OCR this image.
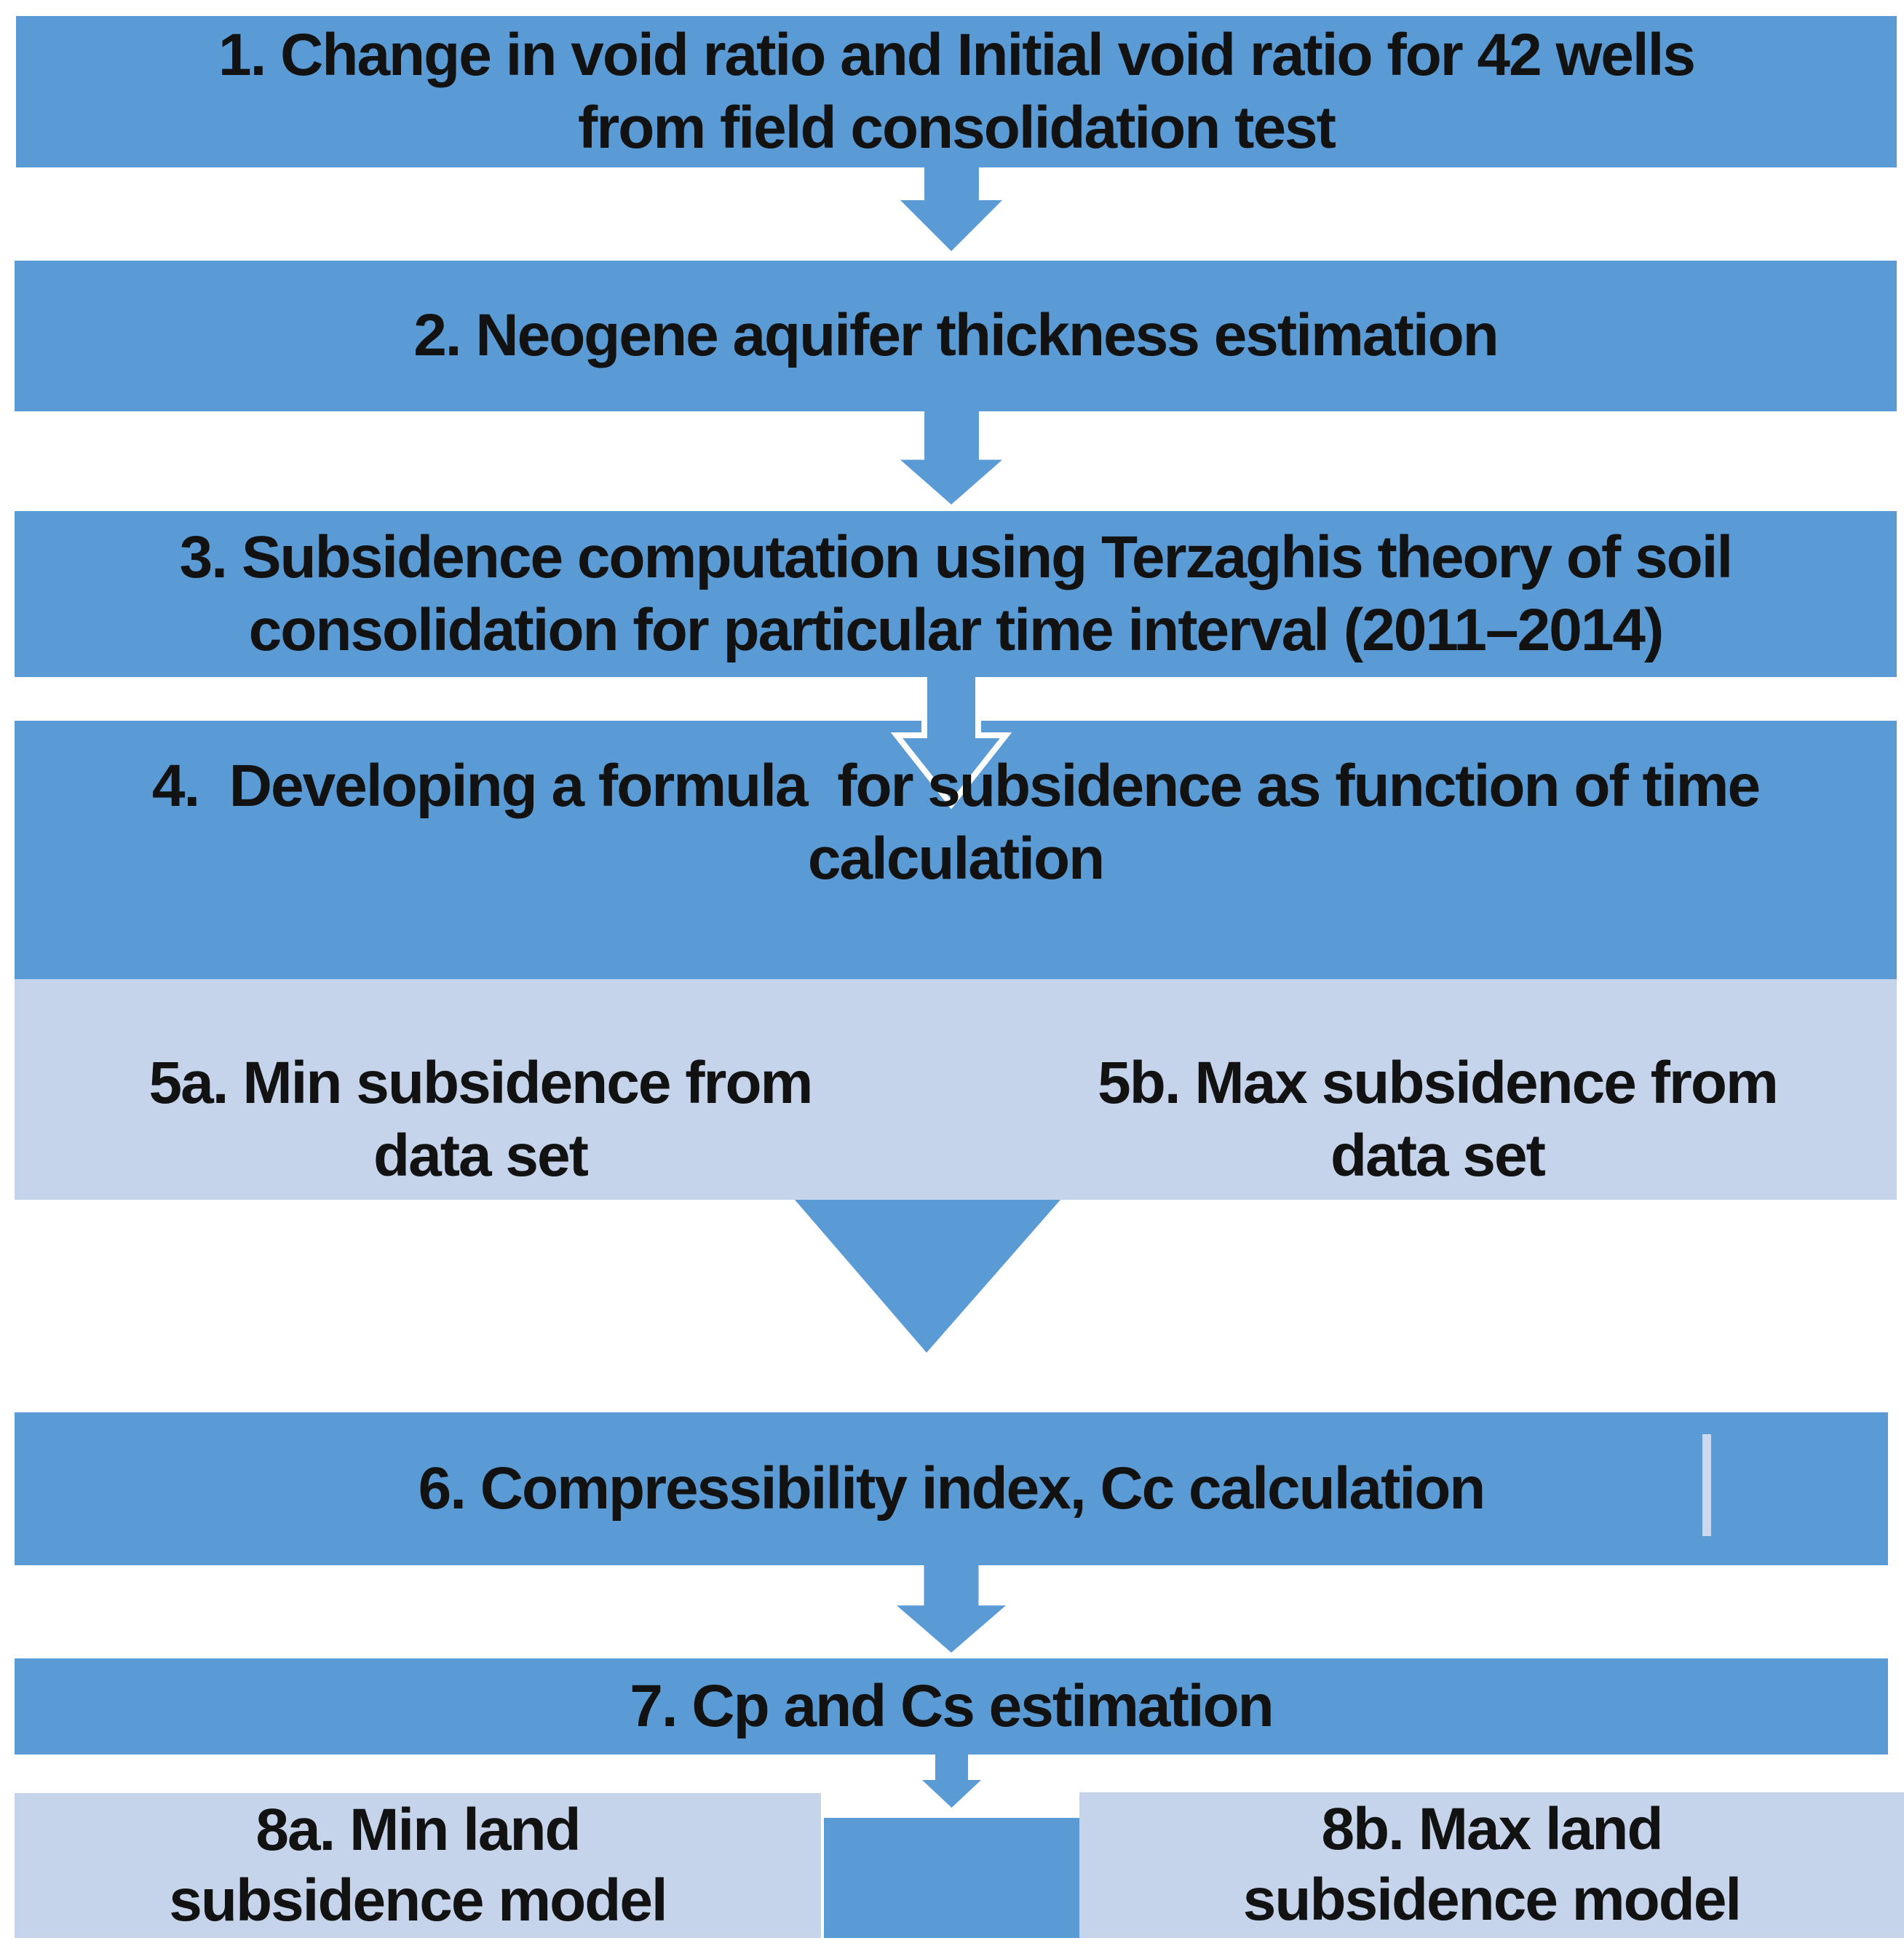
1. Change in void ratio and Initial void ratio for 42 wells
from field consolidation test
2. Neogene aquifer thickness estimation
3. Subsidence computation using Terzaghis theory of soil
consolidation for particular time interval (2011–2014)
4.  Developing a formula  for subsidence as function of time
calculation
5a. Min subsidence from
data set
5b. Max subsidence from
data set
6. Compressibility index, Cc calculation
7. Cp and Cs estimation
8a. Min land
subsidence model
8b. Max land
subsidence model
